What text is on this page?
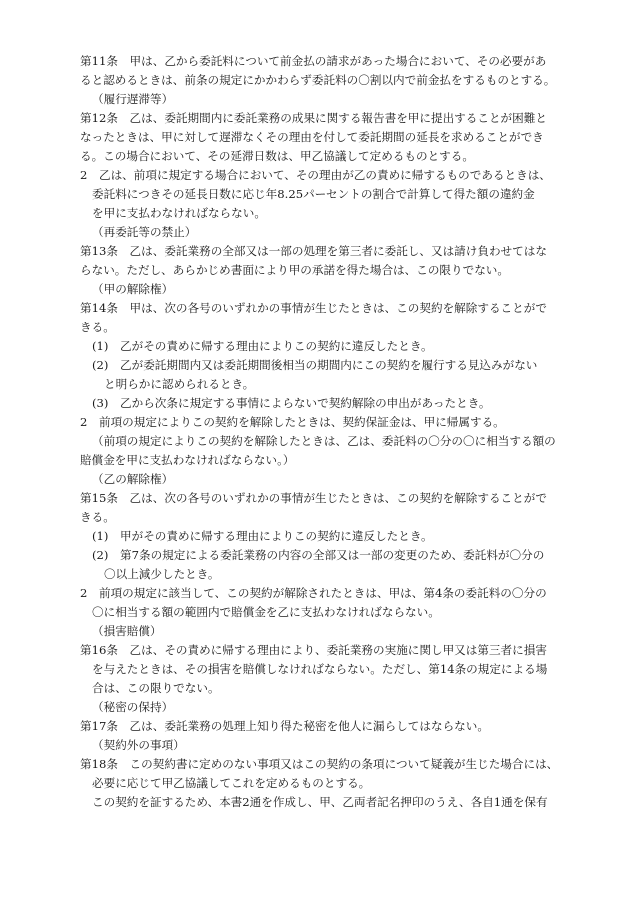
第11条　甲は、乙から委託料について前金払の請求があった場合において、その必要があ
ると認めるときは、前条の規定にかかわらず委託料の〇割以内で前金払をするものとする。
（履行遅滞等）
第12条　乙は、委託期間内に委託業務の成果に関する報告書を甲に提出することが困難と
なったときは、甲に対して遅滞なくその理由を付して委託期間の延長を求めることができ
る。この場合において、その延滞日数は、甲乙協議して定めるものとする。
2　乙は、前項に規定する場合において、その理由が乙の責めに帰するものであるときは、
委託料につきその延長日数に応じ年8.25パーセントの割合で計算して得た額の違約金
を甲に支払わなければならない。
（再委託等の禁止）
第13条　乙は、委託業務の全部又は一部の処理を第三者に委託し、又は請け負わせてはな
らない。ただし、あらかじめ書面により甲の承諾を得た場合は、この限りでない。
（甲の解除権）
第14条　甲は、次の各号のいずれかの事情が生じたときは、この契約を解除することがで
きる。
(1)　乙がその責めに帰する理由によりこの契約に違反したとき。
(2)　乙が委託期間内又は委託期間後相当の期間内にこの契約を履行する見込みがない
と明らかに認められるとき。
(3)　乙から次条に規定する事情によらないで契約解除の申出があったとき。
2　前項の規定によりこの契約を解除したときは、契約保証金は、甲に帰属する。
（前項の規定によりこの契約を解除したときは、乙は、委託料の〇分の〇に相当する額の
賠償金を甲に支払わなければならない。）
（乙の解除権）
第15条　乙は、次の各号のいずれかの事情が生じたときは、この契約を解除することがで
きる。
(1)　甲がその責めに帰する理由によりこの契約に違反したとき。
(2)　第7条の規定による委託業務の内容の全部又は一部の変更のため、委託料が〇分の
〇以上減少したとき。
2　前項の規定に該当して、この契約が解除されたときは、甲は、第4条の委託料の〇分の
〇に相当する額の範囲内で賠償金を乙に支払わなければならない。
（損害賠償）
第16条　乙は、その責めに帰する理由により、委託業務の実施に関し甲又は第三者に損害
を与えたときは、その損害を賠償しなければならない。ただし、第14条の規定による場
合は、この限りでない。
（秘密の保持）
第17条　乙は、委託業務の処理上知り得た秘密を他人に漏らしてはならない。
（契約外の事項）
第18条　この契約書に定めのない事項又はこの契約の条項について疑義が生じた場合には、
必要に応じて甲乙協議してこれを定めるものとする。
この契約を証するため、本書2通を作成し、甲、乙両者記名押印のうえ、各自1通を保有
